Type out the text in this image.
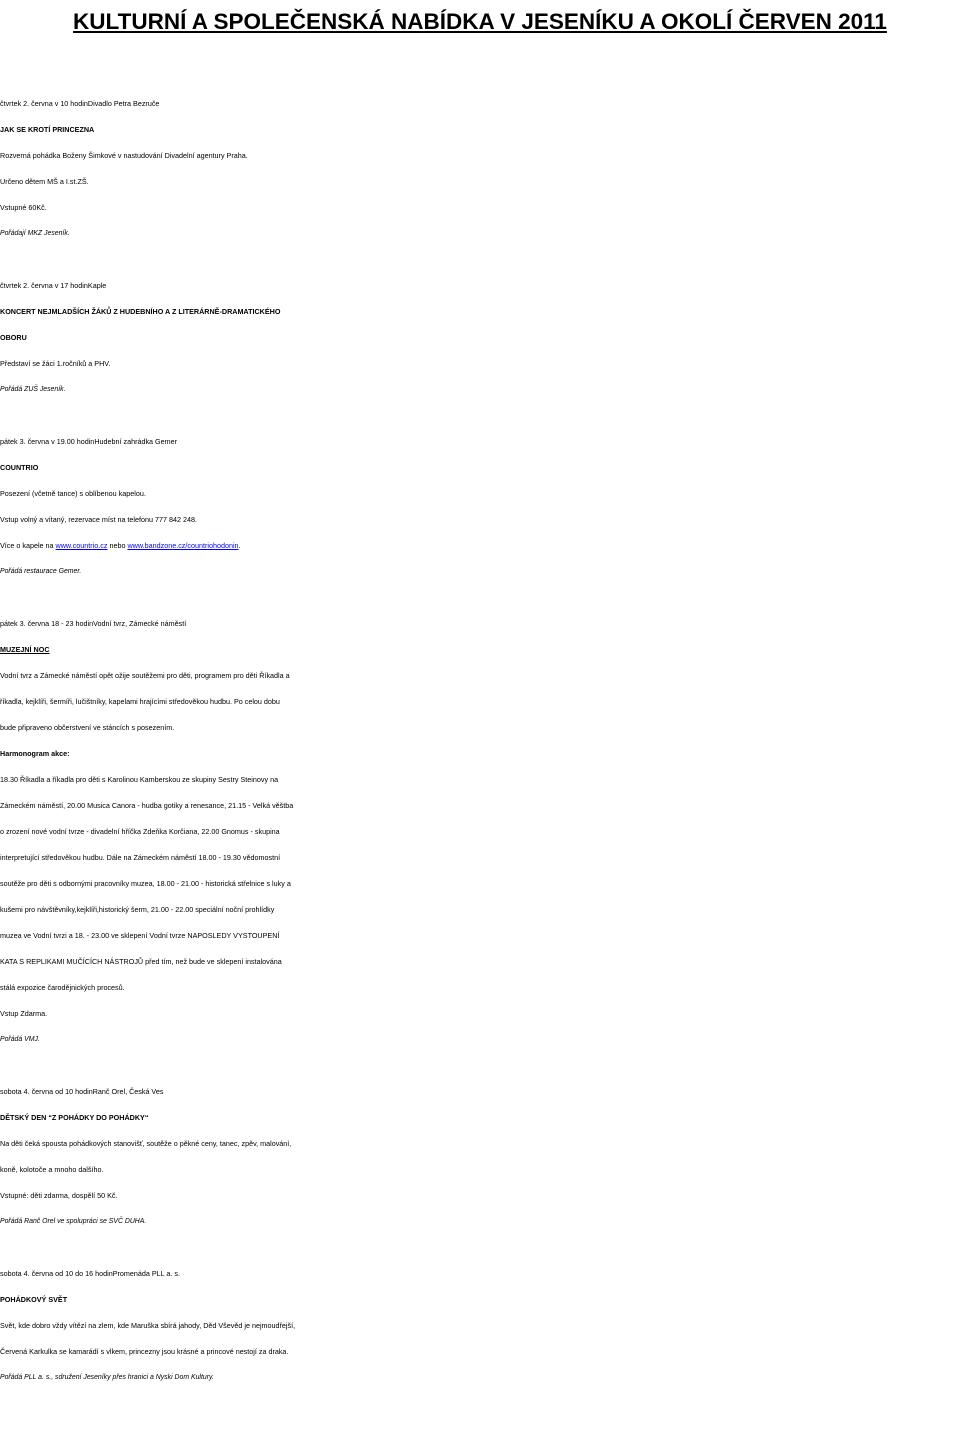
KULTURNÍ A SPOLEČENSKÁ NABÍDKA V JESENÍKU A OKOLÍ ČERVEN 2011

čtvrtek 2. června v 10 hodinDivadlo Petra Bezruče

JAK SE KROTÍ PRINCEZNA

Rozverná pohádka Boženy Šimkové v nastudování Divadelní agentury Praha.

Určeno dětem MŠ a I.st.ZŠ.

Vstupné 60Kč.

Pořádají MKZ Jeseník.

čtvrtek 2. června v 17 hodinKaple

KONCERT NEJMLADŠÍCH ŽÁKŮ Z HUDEBNÍHO A Z LITERÁRNĚ-DRAMATICKÉHO

OBORU

Představí se žáci 1.ročníků a PHV.

Pořádá ZUŠ Jeseník.

pátek 3. června v 19.00 hodinHudební zahrádka Gemer

COUNTRIO

Posezení (včetně tance) s oblíbenou kapelou.

Vstup volný a vítaný, rezervace míst na telefonu 777 842 248.

Více o kapele na www.countrio.cz nebo www.bandzone.cz/countriohodonin.

Pořádá restaurace Gemer.

pátek 3. června 18 - 23 hodinVodní tvrz, Zámecké náměstí

MUZEJNÍ NOC

Vodní tvrz a Zámecké náměstí opět ožije soutěžemi pro děti, programem pro děti Říkadla a

říkadla, kejklíři, šermíři, lučištníky, kapelami hrajícími středověkou hudbu. Po celou dobu

bude připraveno občerstvení ve stáncích s posezením.

Harmonogram akce:

18.30 Říkadla a říkadla pro děti s Karolinou Kamberskou ze skupiny Sestry Steinovy na

Zámeckém náměstí, 20.00 Musica Canora - hudba gotiky a renesance, 21.15 - Velká věštba

o zrození nové vodní tvrze - divadelní hříčka Zdeňka Korčiana, 22.00 Gnomus - skupina

interpretující středověkou hudbu. Dále na Zámeckém náměstí 18.00 - 19.30 vědomostní

soutěže pro děti s odbornými pracovníky muzea, 18.00 - 21.00 - historická střelnice s luky a

kušemi pro návštěvníky,kejklíři,historický šerm, 21.00 - 22.00 speciální noční prohlídky

muzea ve Vodní tvrzi a 18. - 23.00 ve sklepení Vodní tvrze NAPOSLEDY VYSTOUPENÍ

KATA S REPLIKAMI MUČÍCÍCH NÁSTROJŮ před tím, než bude ve sklepení instalována

stálá expozice čarodějnických procesů.

Vstup Zdarma.

Pořádá VMJ.

sobota 4. června od 10 hodinRanč Orel, Česká Ves

DĚTSKÝ DEN “Z POHÁDKY DO POHÁDKY“

Na děti čeká spousta pohádkových stanovišť, soutěže o pěkné ceny, tanec, zpěv, malování,

koně, kolotoče a mnoho dalšího.

Vstupné: děti zdarma, dospělí 50 Kč.

Pořádá Ranč Orel ve spolupráci se SVČ DUHA.

sobota 4. června od 10 do 16 hodinPromenáda PLL a. s.

POHÁDKOVÝ SVĚT

Svět, kde dobro vždy vítězí na zlem, kde Maruška sbírá jahody, Děd Vševěd je nejmoudřejší,

Červená Karkulka se kamarádí s vlkem, princezny jsou krásné a princové nestojí za draka.

Pořádá PLL a. s., sdružení Jeseníky přes hranici a Nyski Dom Kultury.
